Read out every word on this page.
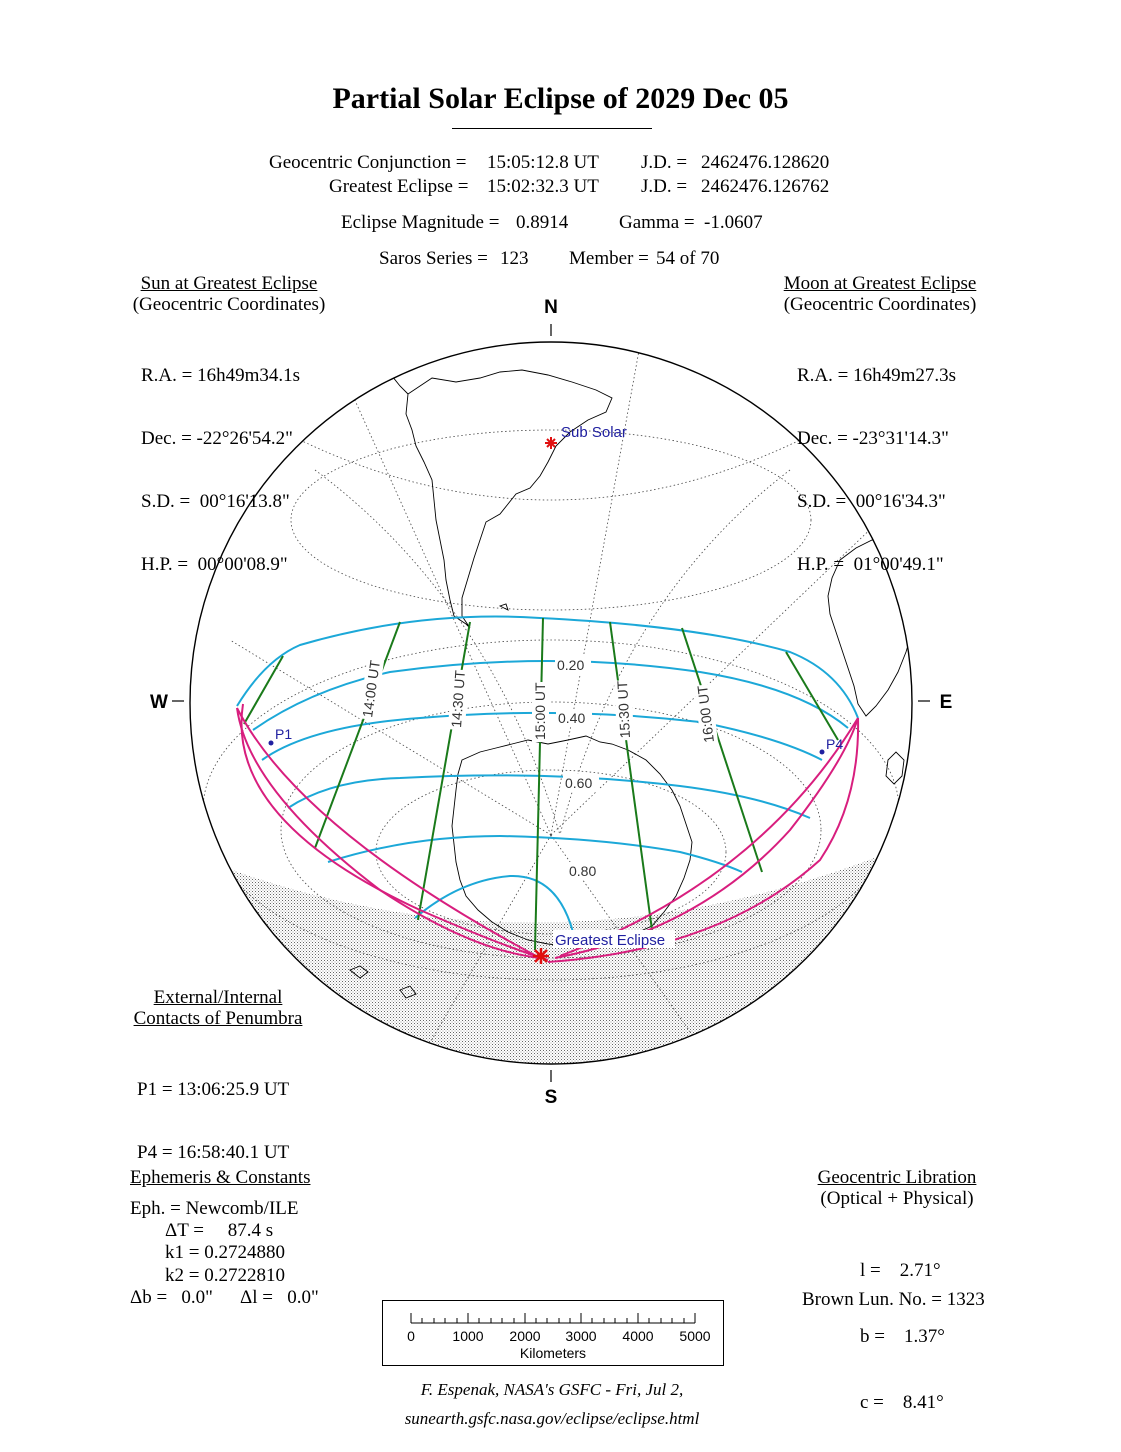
Partial Solar Eclipse of 2029 Dec 05
Geocentric Conjunction = 15:05:12.8 UT J.D. = 2462476.128620
Greatest Eclipse = 15:02:32.3 UT J.D. = 2462476.126762
Eclipse Magnitude = 0.8914	Gamma = -1.0607
Saros Series = 123 Member = 54 of 70
Sun at Greatest Eclipse
(Geocentric Coordinates)

R.A. = 16h49m34.1s

Dec. = -22°26'54.2"

S.D. =  00°16'13.8"

H.P. =  00°00'08.9"

Moon at Greatest Eclipse
(Geocentric Coordinates)

R.A. = 16h49m27.3s

Dec. = -23°31'14.3"

S.D. =  00°16'34.3"

H.P. =  01°00'49.1"

P1
P4
0.20
0.40
0.60
0.80
14:00 UT	14:30 UT	15:00 UT	15:30 UT	16:00 UT
Sub Solar
Greatest Eclipse
N
S
W	E
External/Internal
Contacts of Penumbra

P1 = 13:06:25.9 UT

P4 = 16:58:40.1 UT

Ephemeris & Constants
Eph. = Newcomb/ILE
ΔT =     87.4 s
k1 = 0.2724880
k2 = 0.2722810
Δb =   0.0" Δl =   0.0"
Geocentric Libration
(Optical + Physical)

l =    2.71°

b =    1.37°

c =    8.41°

Brown Lun. No. = 1323
0	1000 2000 3000 4000 5000
Kilometers
F. Espenak, NASA's GSFC - Fri, Jul 2,
sunearth.gsfc.nasa.gov/eclipse/eclipse.html
